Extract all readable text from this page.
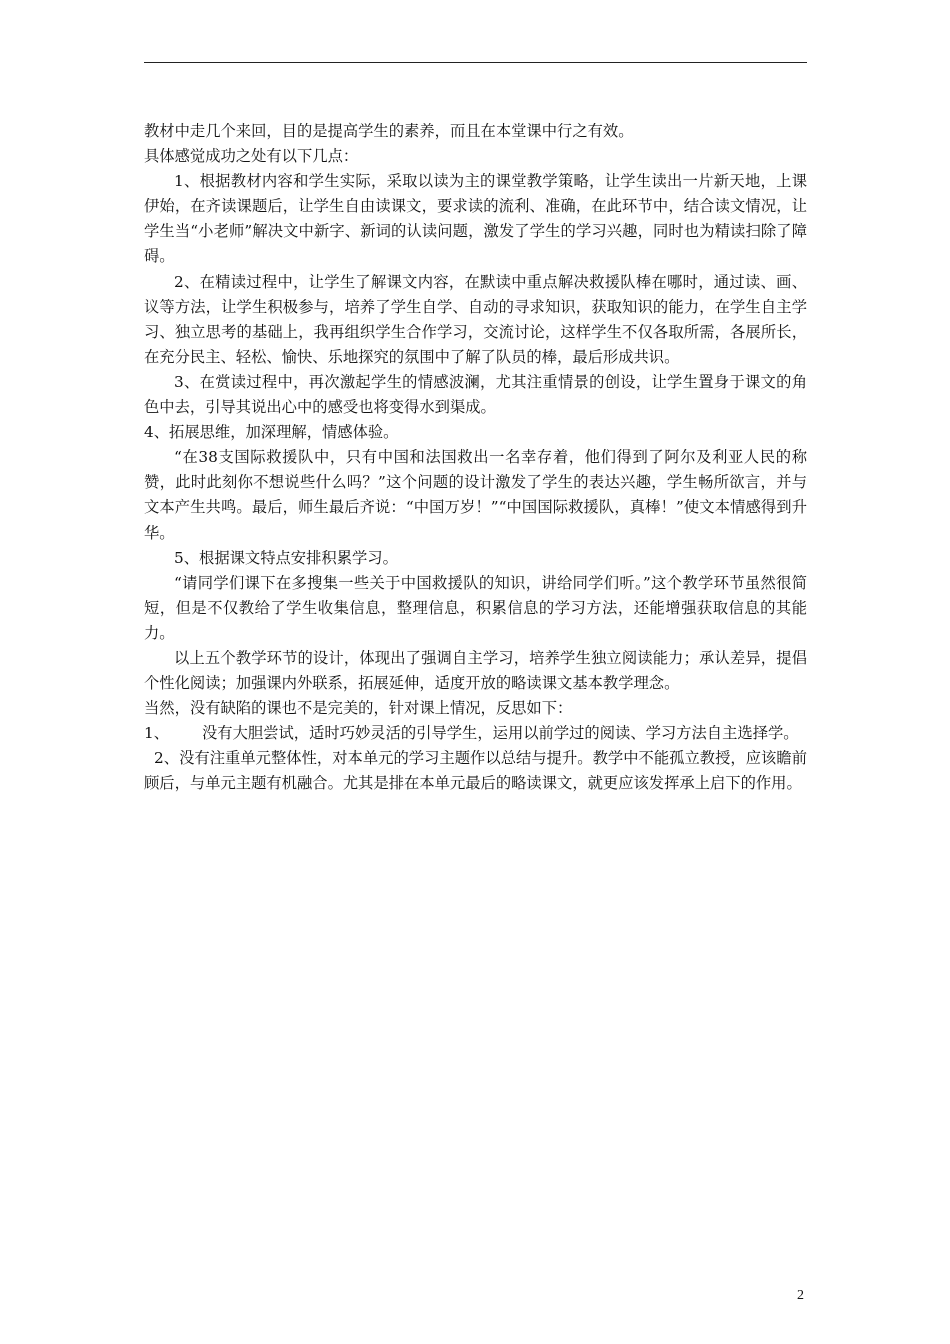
教材中走几个来回，目的是提高学生的素养，而且在本堂课中行之有效。

具体感觉成功之处有以下几点：

1、根据教材内容和学生实际，采取以读为主的课堂教学策略，让学生读出一片新天地，上课伊始，在齐读课题后，让学生自由读课文，要求读的流利、准确，在此环节中，结合读文情况，让学生当“小老师”解决文中新字、新词的认读问题，激发了学生的学习兴趣，同时也为精读扫除了障碍。

2、在精读过程中，让学生了解课文内容，在默读中重点解决救援队棒在哪时，通过读、画、议等方法，让学生积极参与，培养了学生自学、自动的寻求知识，获取知识的能力，在学生自主学习、独立思考的基础上，我再组织学生合作学习，交流讨论，这样学生不仅各取所需，各展所长，在充分民主、轻松、愉快、乐地探究的氛围中了解了队员的棒，最后形成共识。

3、在赏读过程中，再次激起学生的情感波澜，尤其注重情景的创设，让学生置身于课文的角色中去，引导其说出心中的感受也将变得水到渠成。

4、拓展思维，加深理解，情感体验。

“在38支国际救援队中，只有中国和法国救出一名幸存着，他们得到了阿尔及利亚人民的称赞，此时此刻你不想说些什么吗？”这个问题的设计激发了学生的表达兴趣，学生畅所欲言，并与文本产生共鸣。最后，师生最后齐说：“中国万岁！”“中国国际救援队，真棒！”使文本情感得到升华。

5、根据课文特点安排积累学习。

“请同学们课下在多搜集一些关于中国救援队的知识，讲给同学们听。”这个教学环节虽然很简短，但是不仅教给了学生收集信息，整理信息，积累信息的学习方法，还能增强获取信息的其能力。

以上五个教学环节的设计，体现出了强调自主学习，培养学生独立阅读能力；承认差异，提倡个性化阅读；加强课内外联系，拓展延伸，适度开放的略读课文基本教学理念。

当然，没有缺陷的课也不是完美的，针对课上情况，反思如下：

1、	没有大胆尝试，适时巧妙灵活的引导学生，运用以前学过的阅读、学习方法自主选择学。

2、没有注重单元整体性，对本单元的学习主题作以总结与提升。教学中不能孤立教授，应该瞻前顾后，与单元主题有机融合。尤其是排在本单元最后的略读课文，就更应该发挥承上启下的作用。

2
